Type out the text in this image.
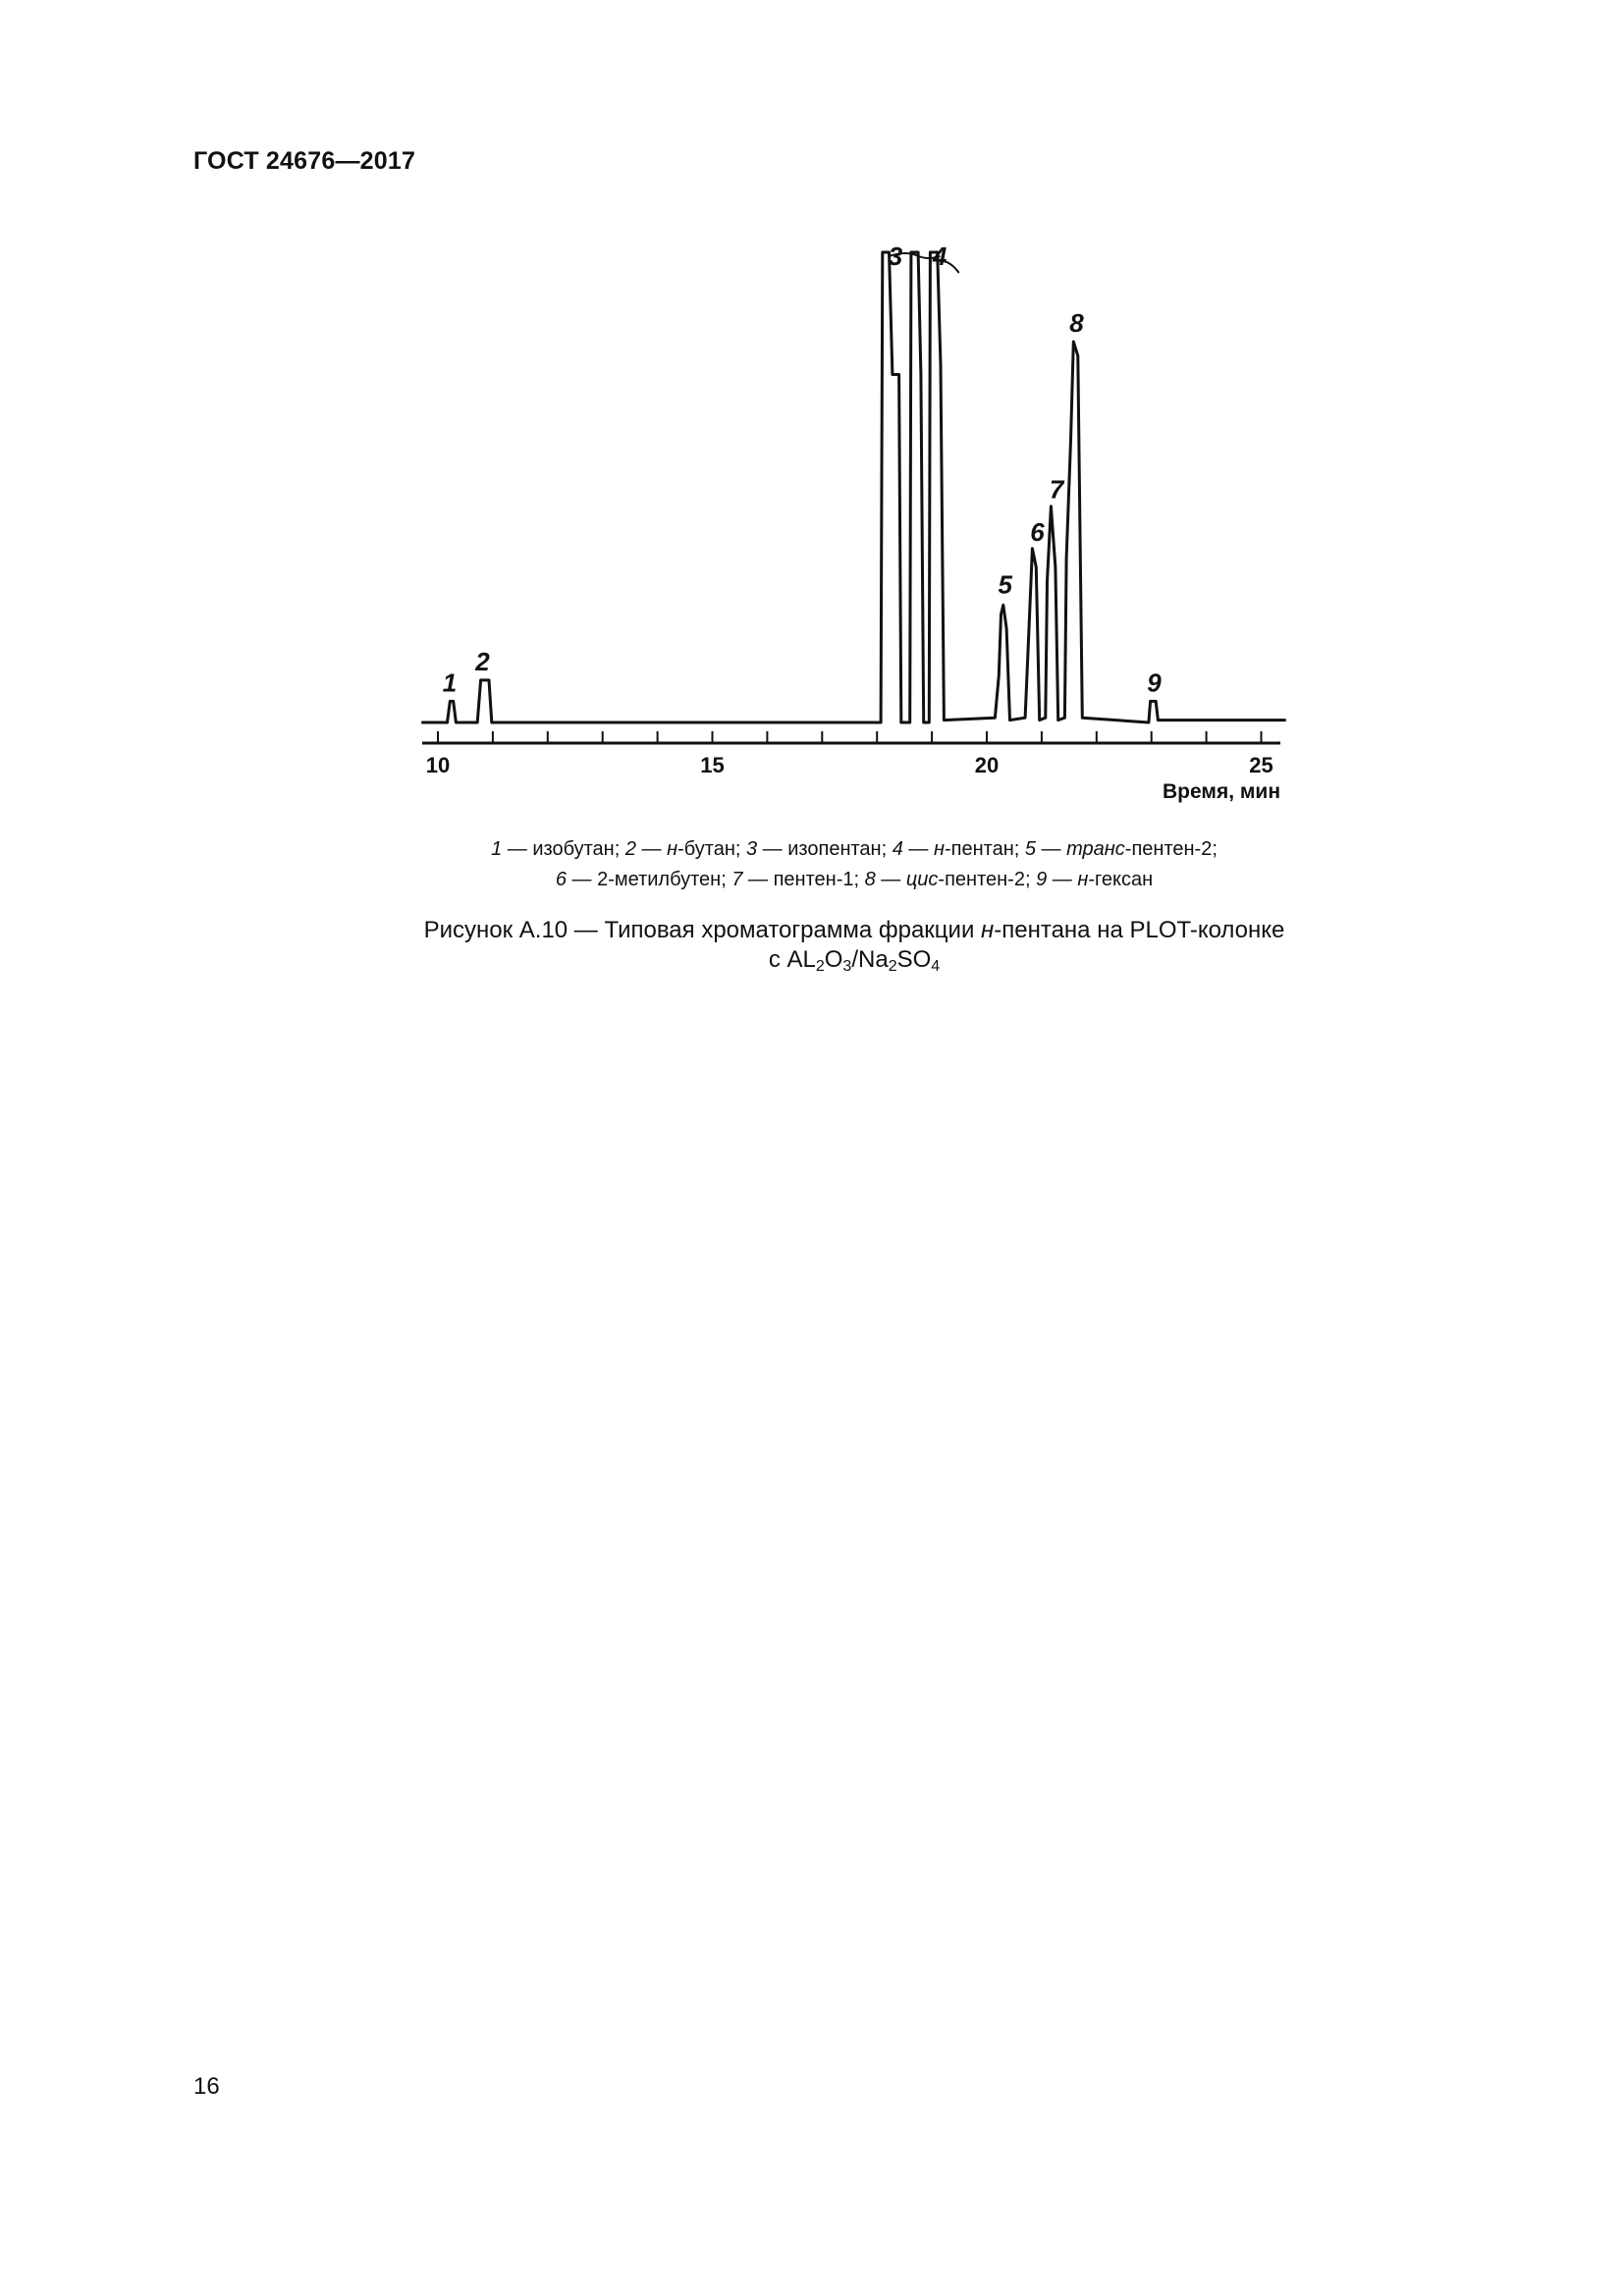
ГОСТ 24676—2017
10	15	20	25
Время, мин
1
2
3 4
5
6
7
8
9
1 — изобутан; 2 — н-бутан; 3 — изопентан; 4 — н-пентан; 5 — транс-пентен-2;
6 — 2-метилбутен; 7 — пентен-1; 8 — цис-пентен-2; 9 — н-гексан
Рисунок А.10 — Типовая хроматограмма фракции н-пентана на PLOT-колонке
с $AL_2O_3/Na_2SO_4$
16
